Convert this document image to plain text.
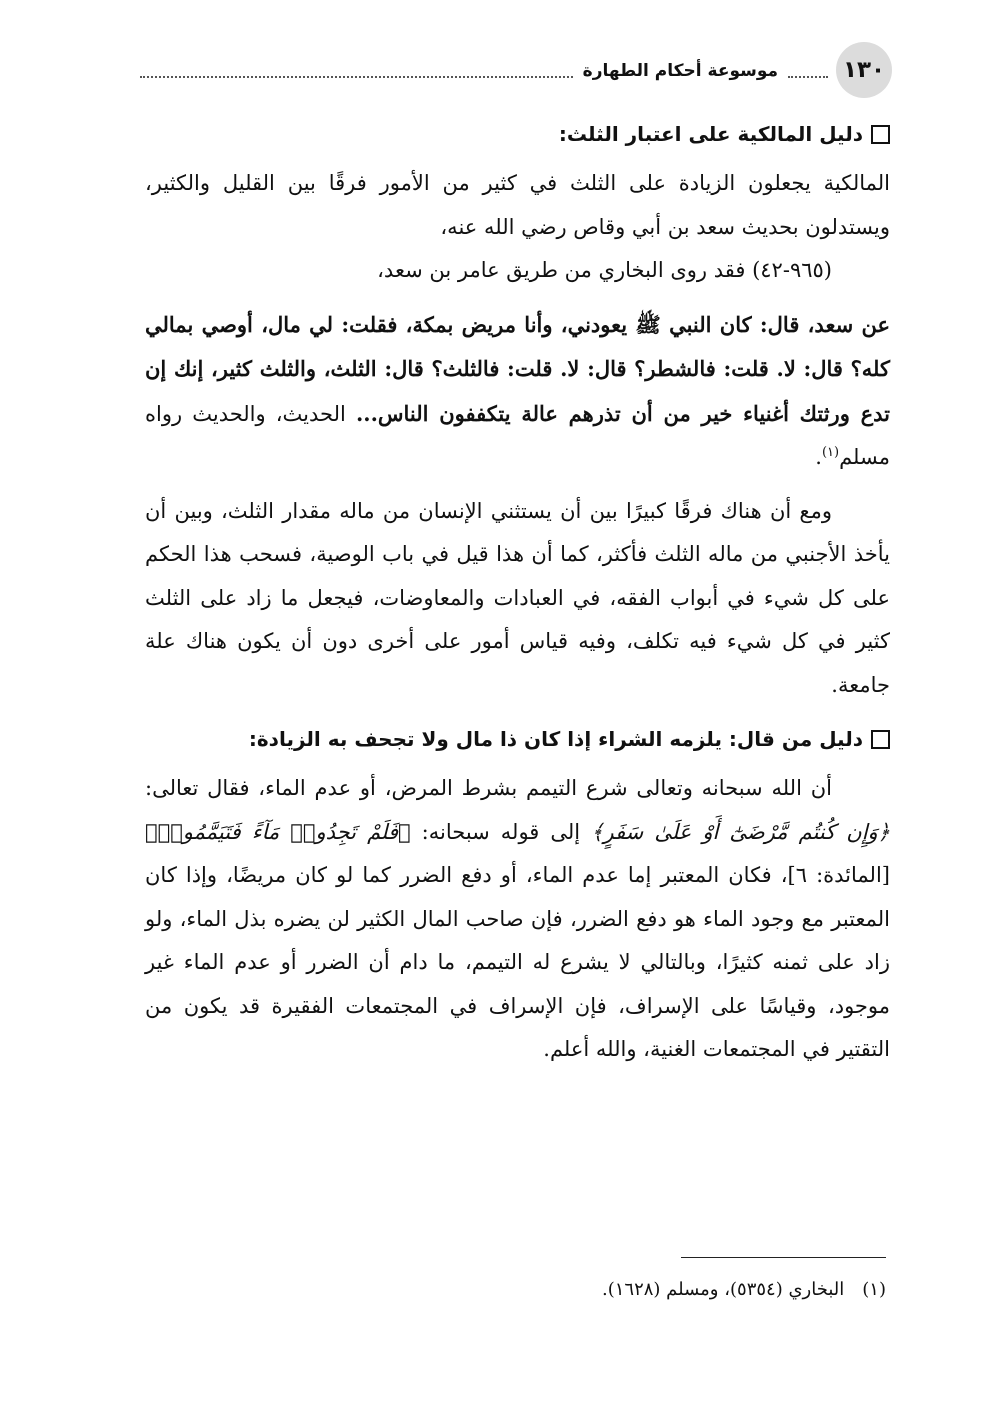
١٣٠
موسوعة أحكام الطهارة

دليل المالكية على اعتبار الثلث:

المالكية يجعلون الزيادة على الثلث في كثير من الأمور فرقًا بين القليل والكثير، ويستدلون بحديث سعد بن أبي وقاص رضي الله عنه،

(٩٦٥-٤٢) فقد روى البخاري من طريق عامر بن سعد،

عن سعد، قال: كان النبي ﷺ يعودني، وأنا مريض بمكة، فقلت: لي مال، أوصي بمالي كله؟ قال: لا. قلت: فالشطر؟ قال: لا. قلت: فالثلث؟ قال: الثلث، والثلث كثير، إنك إن تدع ورثتك أغنياء خير من أن تذرهم عالة يتكففون الناس... الحديث، والحديث رواه مسلم$^{(١)}$.

ومع أن هناك فرقًا كبيرًا بين أن يستثني الإنسان من ماله مقدار الثلث، وبين أن يأخذ الأجنبي من ماله الثلث فأكثر، كما أن هذا قيل في باب الوصية، فسحب هذا الحكم على كل شيء في أبواب الفقه، في العبادات والمعاوضات، فيجعل ما زاد على الثلث كثير في كل شيء فيه تكلف، وفيه قياس أمور على أخرى دون أن يكون هناك علة جامعة.

دليل من قال: يلزمه الشراء إذا كان ذا مال ولا تجحف به الزيادة:

أن الله سبحانه وتعالى شرع التيمم بشرط المرض، أو عدم الماء، فقال تعالى: ﴿وَإِن كُنتُم مَّرْضَىٰٓ أَوْ عَلَىٰ سَفَرٍ﴾ إلى قوله سبحانه: ﴿فَلَمْ تَجِدُوا۟ مَآءً فَتَيَمَّمُوا۟﴾ [المائدة: ٦]، فكان المعتبر إما عدم الماء، أو دفع الضرر كما لو كان مريضًا، وإذا كان المعتبر مع وجود الماء هو دفع الضرر، فإن صاحب المال الكثير لن يضره بذل الماء، ولو زاد على ثمنه كثيرًا، وبالتالي لا يشرع له التيمم، ما دام أن الضرر أو عدم الماء غير موجود، وقياسًا على الإسراف، فإن الإسراف في المجتمعات الفقيرة قد يكون من التقتير في المجتمعات الغنية، والله أعلم.

(١)البخاري (٥٣٥٤)، ومسلم (١٦٢٨).
